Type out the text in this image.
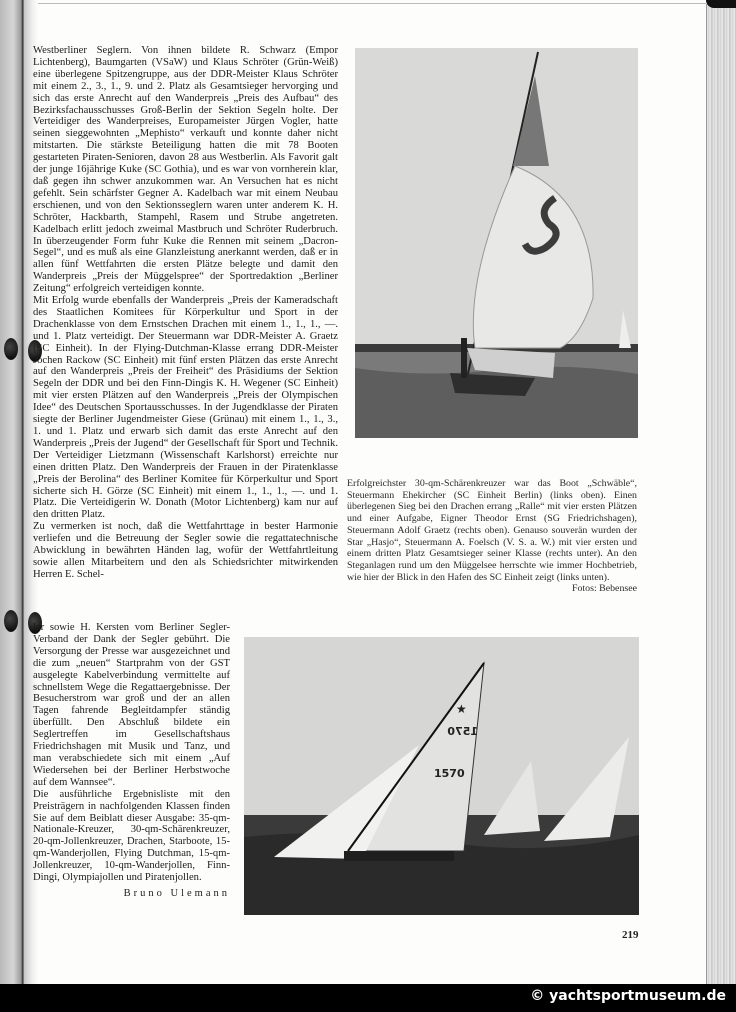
Westberliner Seglern. Von ihnen bildete R. Schwarz (Empor Lichtenberg), Baumgarten (VSaW) und Klaus Schröter (Grün-Weiß) eine überlegene Spitzengruppe, aus der DDR-Meister Klaus Schröter mit einem 2., 3., 1., 9. und 2. Platz als Gesamtsieger hervorging und sich das erste Anrecht auf den Wanderpreis „Preis des Aufbau“ des Bezirksfachausschusses Groß-Berlin der Sektion Segeln holte. Der Verteidiger des Wanderpreises, Europameister Jürgen Vogler, hatte seinen sieggewohnten „Mephisto“ verkauft und konnte daher nicht mitstarten. Die stärkste Beteiligung hatten die mit 78 Booten gestarteten Piraten-Senioren, davon 28 aus Westberlin. Als Favorit galt der junge 16jährige Kuke (SC Gothia), und es war von vornherein klar, daß gegen ihn schwer anzukommen war. An Versuchen hat es nicht gefehlt. Sein schärfster Gegner A. Kadelbach war mit einem Neubau erschienen, und von den Sektionsseglern waren unter anderem K. H. Schröter, Hackbarth, Stampehl, Rasem und Strube angetreten. Kadelbach erlitt jedoch zweimal Mastbruch und Schröter Ruderbruch. In überzeugender Form fuhr Kuke die Rennen mit seinem „Dacron-Segel“, und es muß als eine Glanzleistung anerkannt werden, daß er in allen fünf Wettfahrten die ersten Plätze belegte und damit den Wanderpreis „Preis der Müggelspree“ der Sportredaktion „Berliner Zeitung“ erfolgreich verteidigen konnte.

Mit Erfolg wurde ebenfalls der Wanderpreis „Preis der Kameradschaft des Staatlichen Komitees für Körperkultur und Sport in der Drachenklasse von dem Ernstschen Drachen mit einem 1., 1., 1., —. und 1. Platz verteidigt. Der Steuermann war DDR-Meister A. Graetz (SC Einheit). In der Flying-Dutchman-Klasse errang DDR-Meister Jochen Rackow (SC Einheit) mit fünf ersten Plätzen das erste Anrecht auf den Wanderpreis „Preis der Freiheit“ des Präsidiums der Sektion Segeln der DDR und bei den Finn-Dingis K. H. Wegener (SC Einheit) mit vier ersten Plätzen auf den Wanderpreis „Preis der Olympischen Idee“ des Deutschen Sportausschusses. In der Jugendklasse der Piraten siegte der Berliner Jugendmeister Giese (Grünau) mit einem 1., 1., 3., 1. und 1. Platz und erwarb sich damit das erste Anrecht auf den Wanderpreis „Preis der Jugend“ der Gesellschaft für Sport und Technik. Der Verteidiger Lietzmann (Wissenschaft Karlshorst) erreichte nur einen dritten Platz. Den Wanderpreis der Frauen in der Piratenklasse „Preis der Berolina“ des Berliner Komitee für Körperkultur und Sport sicherte sich H. Görze (SC Einheit) mit einem 1., 1., 1., —. und 1. Platz. Die Verteidigerin W. Donath (Motor Lichtenberg) kam nur auf den dritten Platz.

Zu vermerken ist noch, daß die Wettfahrttage in bester Harmonie verliefen und die Betreuung der Segler sowie die regattatechnische Abwicklung in bewährten Händen lag, wofür der Wettfahrtleitung sowie allen Mitarbeitern und den als Schiedsrichter mitwirkenden Herren E. Schel-

ler sowie H. Kersten vom Berliner Segler-Verband der Dank der Segler gebührt. Die Versorgung der Presse war ausgezeichnet und die zum „neuen“ Startprahm von der GST ausgelegte Kabelverbindung vermittelte auf schnellstem Wege die Regattaergebnisse. Der Besucherstrom war groß und der an allen Tagen fahrende Begleitdampfer ständig überfüllt. Den Abschluß bildete ein Seglertreffen im Gesellschaftshaus Friedrichshagen mit Musik und Tanz, und man verabschiedete sich mit einem „Auf Wiedersehen bei der Berliner Herbstwoche auf dem Wannsee“.

Die ausführliche Ergebnisliste mit den Preisträgern in nachfolgenden Klassen finden Sie auf dem Beiblatt dieser Ausgabe: 35-qm-Nationale-Kreuzer, 30-qm-Schärenkreuzer, 20-qm-Jollenkreuzer, Drachen, Starboote, 15-qm-Wanderjollen, Flying Dutchman, 15-qm-Jollenkreuzer, 10-qm-Wanderjollen, Finn-Dingi, Olympiajollen und Piratenjollen.

Bruno Ulemann
1570
1570
★
Erfolgreichster 30-qm-Schärenkreuzer war das Boot „Schwäble“, Steuermann Ehekircher (SC Einheit Berlin) (links oben). Einen überlegenen Sieg bei den Drachen errang „Ralle“ mit vier ersten Plätzen und einer Aufgabe, Eigner Theodor Ernst (SG Friedrichshagen), Steuermann Adolf Graetz (rechts oben). Genauso souverän wurden der Star „Hasjo“, Steuermann A. Foelsch (V. S. a. W.) mit vier ersten und einem dritten Platz Gesamtsieger seiner Klasse (rechts unter). An den Steganlagen rund um den Müggelsee herrschte wie immer Hochbetrieb, wie hier der Blick in den Hafen des SC Einheit zeigt (links unten).
Fotos: Bebensee
219
© yachtsportmuseum.de
